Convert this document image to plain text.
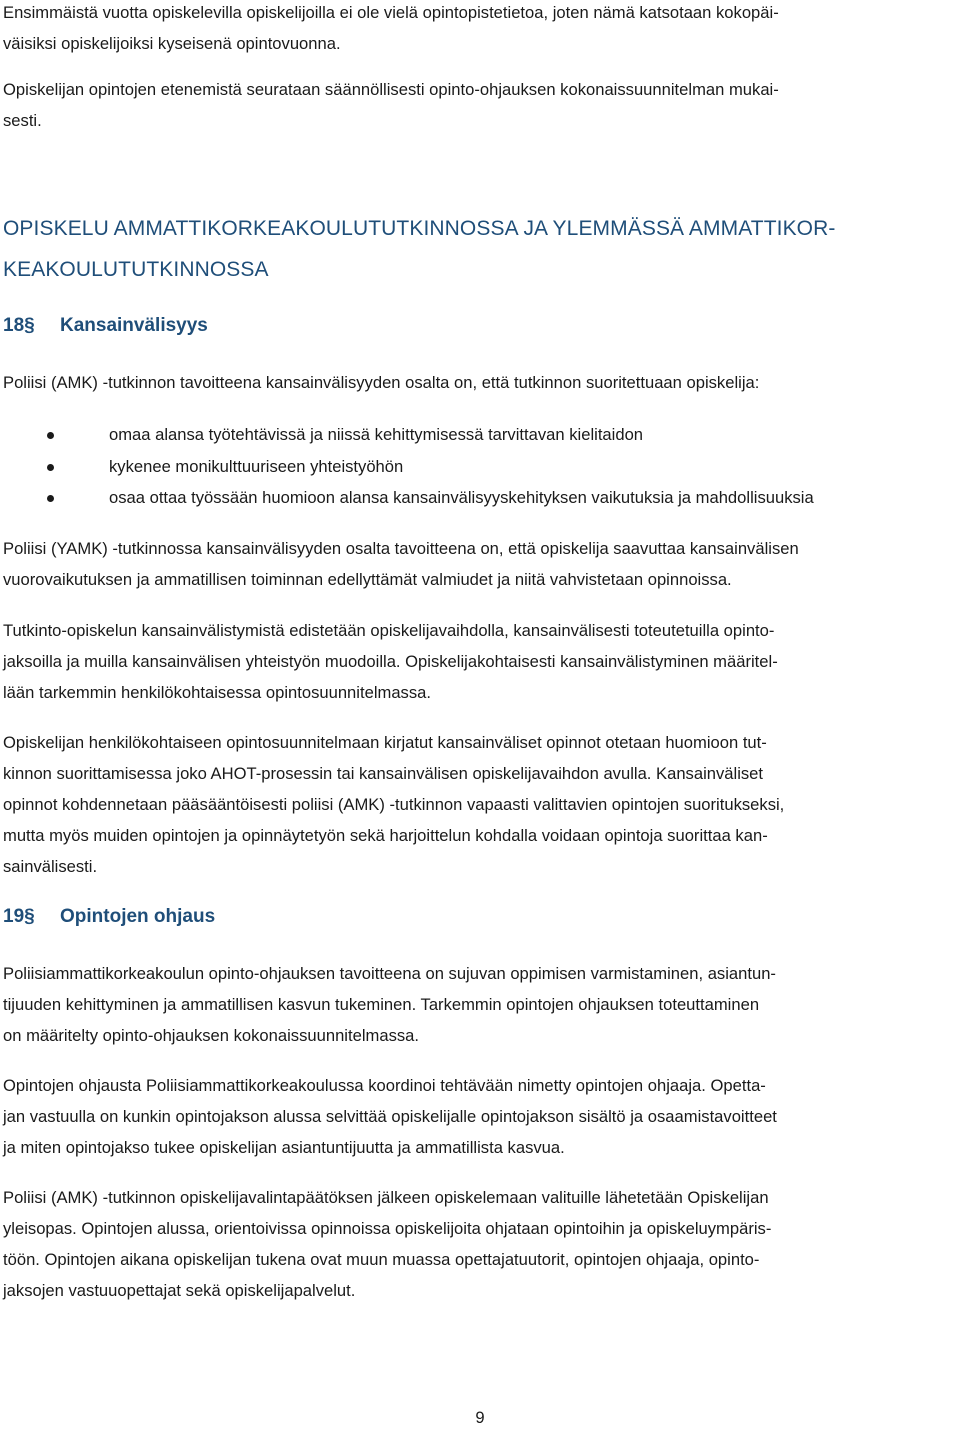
Ensimmäistä vuotta opiskelevilla opiskelijoilla ei ole vielä opintopistetietoa, joten nämä katsotaan kokopäi-
väisiksi opiskelijoiksi kyseisenä opintovuonna.

Opiskelijan opintojen etenemistä seurataan säännöllisesti opinto-ohjauksen kokonaissuunnitelman mukai-
sesti.

OPISKELU AMMATTIKORKEAKOULUTUTKINNOSSA JA YLEMMÄSSÄ AMMATTIKOR-
KEAKOULUTUTKINNOSSA
18§	Kansainvälisyys

Poliisi (AMK) -tutkinnon tavoitteena kansainvälisyyden osalta on, että tutkinnon suoritettuaan opiskelija:

omaa alansa työtehtävissä ja niissä kehittymisessä tarvittavan kielitaidon
kykenee monikulttuuriseen yhteistyöhön
osaa ottaa työssään huomioon alansa kansainvälisyyskehityksen vaikutuksia ja mahdollisuuksia

Poliisi (YAMK) -tutkinnossa kansainvälisyyden osalta tavoitteena on, että opiskelija saavuttaa kansainvälisen
vuorovaikutuksen ja ammatillisen toiminnan edellyttämät valmiudet ja niitä vahvistetaan opinnoissa.

Tutkinto-opiskelun kansainvälistymistä edistetään opiskelijavaihdolla, kansainvälisesti toteutetuilla opinto-
jaksoilla ja muilla kansainvälisen yhteistyön muodoilla. Opiskelijakohtaisesti kansainvälistyminen määritel-
lään tarkemmin henkilökohtaisessa opintosuunnitelmassa.

Opiskelijan henkilökohtaiseen opintosuunnitelmaan kirjatut kansainväliset opinnot otetaan huomioon tut-
kinnon suorittamisessa joko AHOT-prosessin tai kansainvälisen opiskelijavaihdon avulla. Kansainväliset
opinnot kohdennetaan pääsääntöisesti poliisi (AMK) -tutkinnon vapaasti valittavien opintojen suoritukseksi,
mutta myös muiden opintojen ja opinnäytetyön sekä harjoittelun kohdalla voidaan opintoja suorittaa kan-
sainvälisesti.

19§	Opintojen ohjaus

Poliisiammattikorkeakoulun opinto-ohjauksen tavoitteena on sujuvan oppimisen varmistaminen, asiantun-
tijuuden kehittyminen ja ammatillisen kasvun tukeminen. Tarkemmin opintojen ohjauksen toteuttaminen
on määritelty opinto-ohjauksen kokonaissuunnitelmassa.

Opintojen ohjausta Poliisiammattikorkeakoulussa koordinoi tehtävään nimetty opintojen ohjaaja. Opetta-
jan vastuulla on kunkin opintojakson alussa selvittää opiskelijalle opintojakson sisältö ja osaamistavoitteet
ja miten opintojakso tukee opiskelijan asiantuntijuutta ja ammatillista kasvua.

Poliisi (AMK) -tutkinnon opiskelijavalintapäätöksen jälkeen opiskelemaan valituille lähetetään Opiskelijan
yleisopas. Opintojen alussa, orientoivissa opinnoissa opiskelijoita ohjataan opintoihin ja opiskeluympäris-
töön. Opintojen aikana opiskelijan tukena ovat muun muassa opettajatuutorit, opintojen ohjaaja, opinto-
jaksojen vastuuopettajat sekä opiskelijapalvelut.

9
